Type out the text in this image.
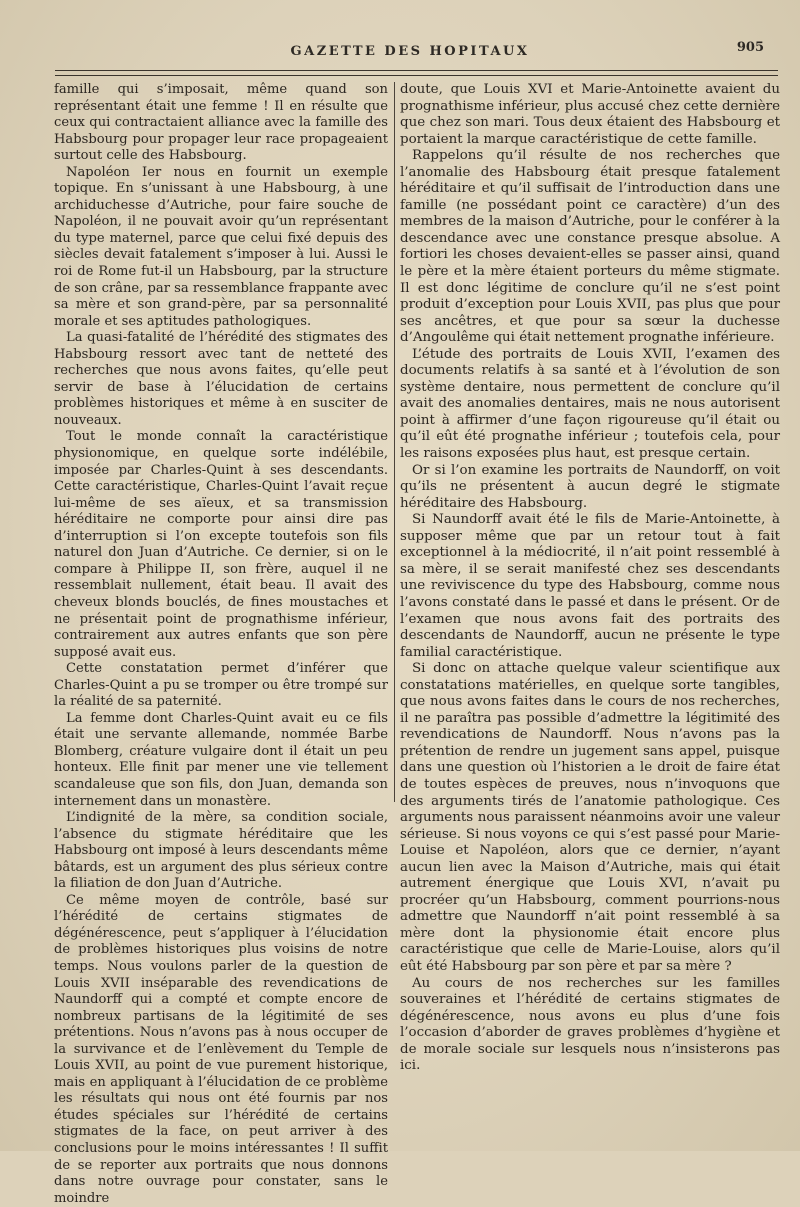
GAZETTE DES HOPITAUX	905

famille qui s’imposait, même quand son représentant était une femme ! Il en résulte que ceux qui contractaient alliance avec la famille des Habsbourg pour propager leur race propageaient surtout celle des Habsbourg.

Napoléon Ier nous en fournit un exemple topique. En s’unissant à une Habsbourg, à une archiduchesse d’Autriche, pour faire souche de Napoléon, il ne pouvait avoir qu’un représentant du type maternel, parce que celui fixé depuis des siècles devait fatalement s’imposer à lui. Aussi le roi de Rome fut-il un Habsbourg, par la structure de son crâne, par sa ressemblance frappante avec sa mère et son grand-père, par sa personnalité morale et ses aptitudes pathologiques.

La quasi-fatalité de l’hérédité des stigmates des Habsbourg ressort avec tant de netteté des recherches que nous avons faites, qu’elle peut servir de base à l’élucidation de certains problèmes historiques et même à en susciter de nouveaux.

Tout le monde connaît la caractéristique physionomique, en quelque sorte indélébile, imposée par Charles-Quint à ses descendants. Cette caractéristique, Charles-Quint l’avait reçue lui-même de ses aïeux, et sa transmission héréditaire ne comporte pour ainsi dire pas d’interruption si l’on excepte toutefois son fils naturel don Juan d’Autriche. Ce dernier, si on le compare à Philippe II, son frère, auquel il ne ressemblait nullement, était beau. Il avait des cheveux blonds bouclés, de fines moustaches et ne présentait point de prognathisme inférieur, contrairement aux autres enfants que son père supposé avait eus.

Cette constatation permet d’inférer que Charles-Quint a pu se tromper ou être trompé sur la réalité de sa paternité.

La femme dont Charles-Quint avait eu ce fils était une servante allemande, nommée Barbe Blomberg, créature vulgaire dont il était un peu honteux. Elle finit par mener une vie tellement scandaleuse que son fils, don Juan, demanda son internement dans un monastère.

L’indignité de la mère, sa condition sociale, l’absence du stigmate héréditaire que les Habsbourg ont imposé à leurs descendants même bâtards, est un argument des plus sérieux contre la filiation de don Juan d’Autriche.

Ce même moyen de contrôle, basé sur l’hérédité de certains stigmates de dégénérescence, peut s’appliquer à l’élucidation de problèmes historiques plus voisins de notre temps. Nous voulons parler de la question de Louis XVII inséparable des revendications de Naundorff qui a compté et compte encore de nombreux partisans de la légitimité de ses prétentions. Nous n’avons pas à nous occuper de la survivance et de l’enlèvement du Temple de Louis XVII, au point de vue purement historique, mais en appliquant à l’élucidation de ce problème les résultats qui nous ont été fournis par nos études spéciales sur l’hérédité de certains stigmates de la face, on peut arriver à des conclusions pour le moins intéressantes ! Il suffit de se reporter aux portraits que nous donnons dans notre ouvrage pour constater, sans le moindre

doute, que Louis XVI et Marie-Antoinette avaient du prognathisme inférieur, plus accusé chez cette dernière que chez son mari. Tous deux étaient des Habsbourg et portaient la marque caractéristique de cette famille.

Rappelons qu’il résulte de nos recherches que l’anomalie des Habsbourg était presque fatalement héréditaire et qu’il suffisait de l’introduction dans une famille (ne possédant point ce caractère) d’un des membres de la maison d’Autriche, pour le conférer à la descendance avec une constance presque absolue. A fortiori les choses devaient-elles se passer ainsi, quand le père et la mère étaient porteurs du même stigmate. Il est donc légitime de conclure qu’il ne s’est point produit d’exception pour Louis XVII, pas plus que pour ses ancêtres, et que pour sa sœur la duchesse d’Angoulême qui était nettement prognathe inférieure.

L’étude des portraits de Louis XVII, l’examen des documents relatifs à sa santé et à l’évolution de son système dentaire, nous permettent de conclure qu’il avait des anomalies dentaires, mais ne nous autorisent point à affirmer d’une façon rigoureuse qu’il était ou qu’il eût été prognathe inférieur ; toutefois cela, pour les raisons exposées plus haut, est presque certain.

Or si l’on examine les portraits de Naundorff, on voit qu’ils ne présentent à aucun degré le stigmate héréditaire des Habsbourg.

Si Naundorff avait été le fils de Marie-Antoinette, à supposer même que par un retour tout à fait exceptionnel à la médiocrité, il n’ait point ressemblé à sa mère, il se serait manifesté chez ses descendants une reviviscence du type des Habsbourg, comme nous l’avons constaté dans le passé et dans le présent. Or de l’examen que nous avons fait des portraits des descendants de Naundorff, aucun ne présente le type familial caractéristique.

Si donc on attache quelque valeur scientifique aux constatations matérielles, en quelque sorte tangibles, que nous avons faites dans le cours de nos recherches, il ne paraîtra pas possible d’admettre la légitimité des revendications de Naundorff. Nous n’avons pas la prétention de rendre un jugement sans appel, puisque dans une question où l’historien a le droit de faire état de toutes espèces de preuves, nous n’invoquons que des arguments tirés de l’anatomie pathologique. Ces arguments nous paraissent néanmoins avoir une valeur sérieuse. Si nous voyons ce qui s’est passé pour Marie-Louise et Napoléon, alors que ce dernier, n’ayant aucun lien avec la Maison d’Autriche, mais qui était autrement énergique que Louis XVI, n’avait pu procréer qu’un Habsbourg, comment pourrions-nous admettre que Naundorff n’ait point ressemblé à sa mère dont la physionomie était encore plus caractéristique que celle de Marie-Louise, alors qu’il eût été Habsbourg par son père et par sa mère ?

Au cours de nos recherches sur les familles souveraines et l’hérédité de certains stigmates de dégénérescence, nous avons eu plus d’une fois l’occasion d’aborder de graves problèmes d’hygiène et de morale sociale sur lesquels nous n’insisterons pas ici.
